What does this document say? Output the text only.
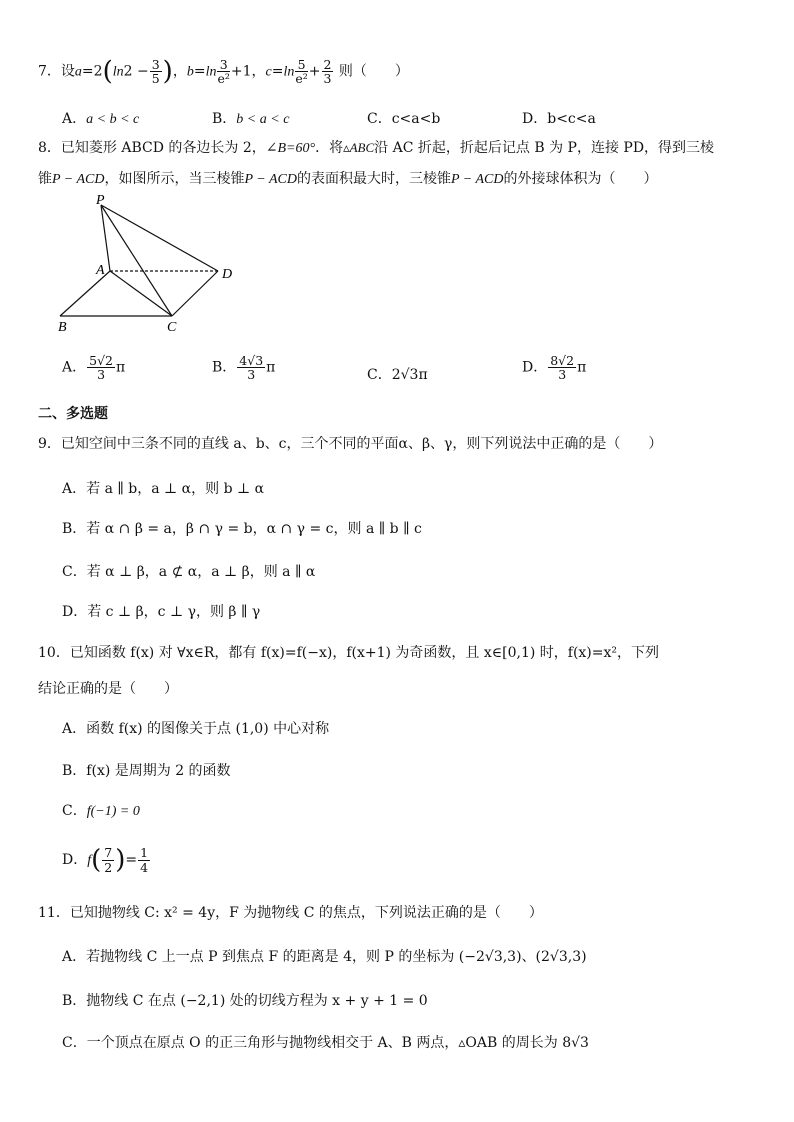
7．设$a=2(\ln 2 - \frac{3}{5}$ )，$b=\ln \frac{3}{\text{e²}} +1$，$c=\ln \frac{5}{\text{e²}} + \frac{2}{3}$ 则（　　）
A．a < b < c	B．b < a < c	C．c<a<b	D．b<c<a
8．已知菱形 ABCD 的各边长为 2，∠B=60°．将▵ABC沿 AC 折起，折起后记点 B 为 P，连接 PD，得到三棱
锥P − ACD，如图所示，当三棱锥P − ACD的表面积最大时，三棱锥P − ACD的外接球体积为（　　）
P
A	D
B	C
A． $\frac{5√2}{3}$ π	B． $\frac{4√3}{3}$ π	C．2√3π	D． $\frac{8√2}{3}$ π
二、多选题
9．已知空间中三条不同的直线 a、b、c，三个不同的平面α、β、γ，则下列说法中正确的是（　　）
A．若 a ∥ b，a ⊥ α，则 b ⊥ α
B．若 α ∩ β = a，β ∩ γ = b，α ∩ γ = c，则 a ∥ b ∥ c
C．若 α ⊥ β，a ⊄ α，a ⊥ β，则 a ∥ α
D．若 c ⊥ β，c ⊥ γ，则 β ∥ γ
10．已知函数 f(x) 对 ∀x∈R，都有 f(x)=f(−x)，f(x+1) 为奇函数，且 x∈[0,1) 时，f(x)=x²，下列
结论正确的是（　　）
A．函数 f(x) 的图像关于点 (1,0) 中心对称
B．f(x) 是周期为 2 的函数
C．f(−1) = 0
D．$f( \frac{7}{2}$ )= $\frac{1}{4}$
11．已知抛物线 C: x² = 4y，F 为抛物线 C 的焦点，下列说法正确的是（　　）
A．若抛物线 C 上一点 P 到焦点 F 的距离是 4，则 P 的坐标为 (−2√3,3)、(2√3,3)
B．抛物线 C 在点 (−2,1) 处的切线方程为 x + y + 1 = 0
C．一个顶点在原点 O 的正三角形与抛物线相交于 A、B 两点，▵OAB 的周长为 8√3
